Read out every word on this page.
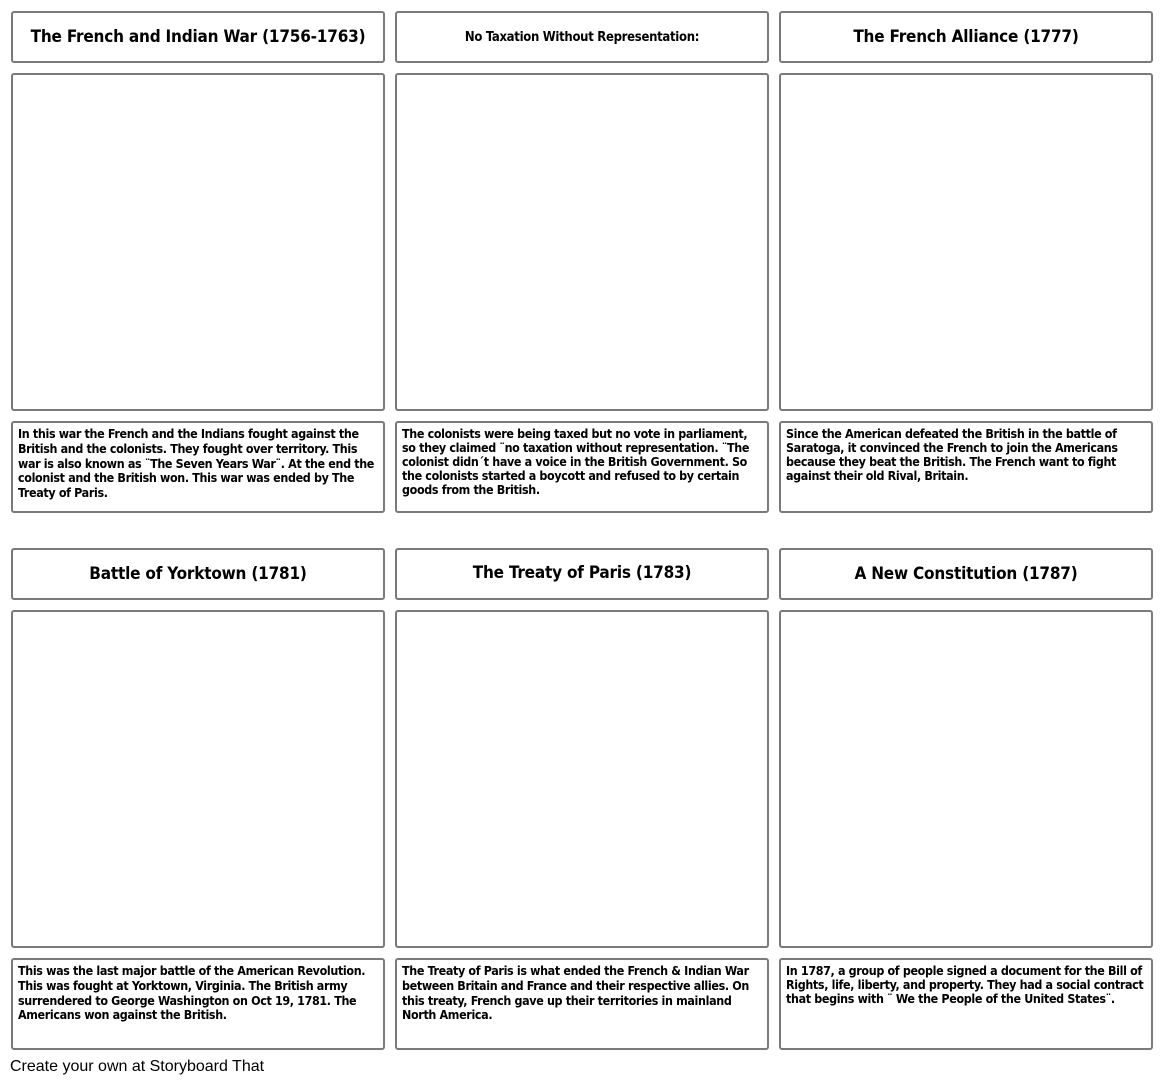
The French and Indian War (1756-1763)	No Taxation Without Representation:	The French Alliance (1777)
In this war the French and the Indians fought against the British and the colonists. They fought over territory. This war is also known as ¨The Seven Years War¨. At the end the colonist and the British won. This war was ended by The Treaty of Paris.
The colonists were being taxed but no vote in parliament, so they claimed ¨no taxation without representation. ¨The colonist didn´t have a voice in the British Government. So the colonists started a boycott and refused to by certain goods from the British.
Since the American defeated the British in the battle of Saratoga, it convinced the French to join the Americans because they beat the British. The French want to fight against their old Rival, Britain.
Battle of Yorktown (1781)	The Treaty of Paris (1783)	A New Constitution (1787)
This was the last major battle of the American Revolution. This was fought at Yorktown, Virginia. The British army surrendered to George Washington on Oct 19, 1781. The Americans won against the British.
The Treaty of Paris is what ended the French & Indian War between Britain and France and their respective allies. On this treaty, French gave up their territories in mainland North America.
In 1787, a group of people signed a document for the Bill of Rights, life, liberty, and property. They had a social contract that begins with ¨ We the People of the United States¨.
Create your own at Storyboard That
